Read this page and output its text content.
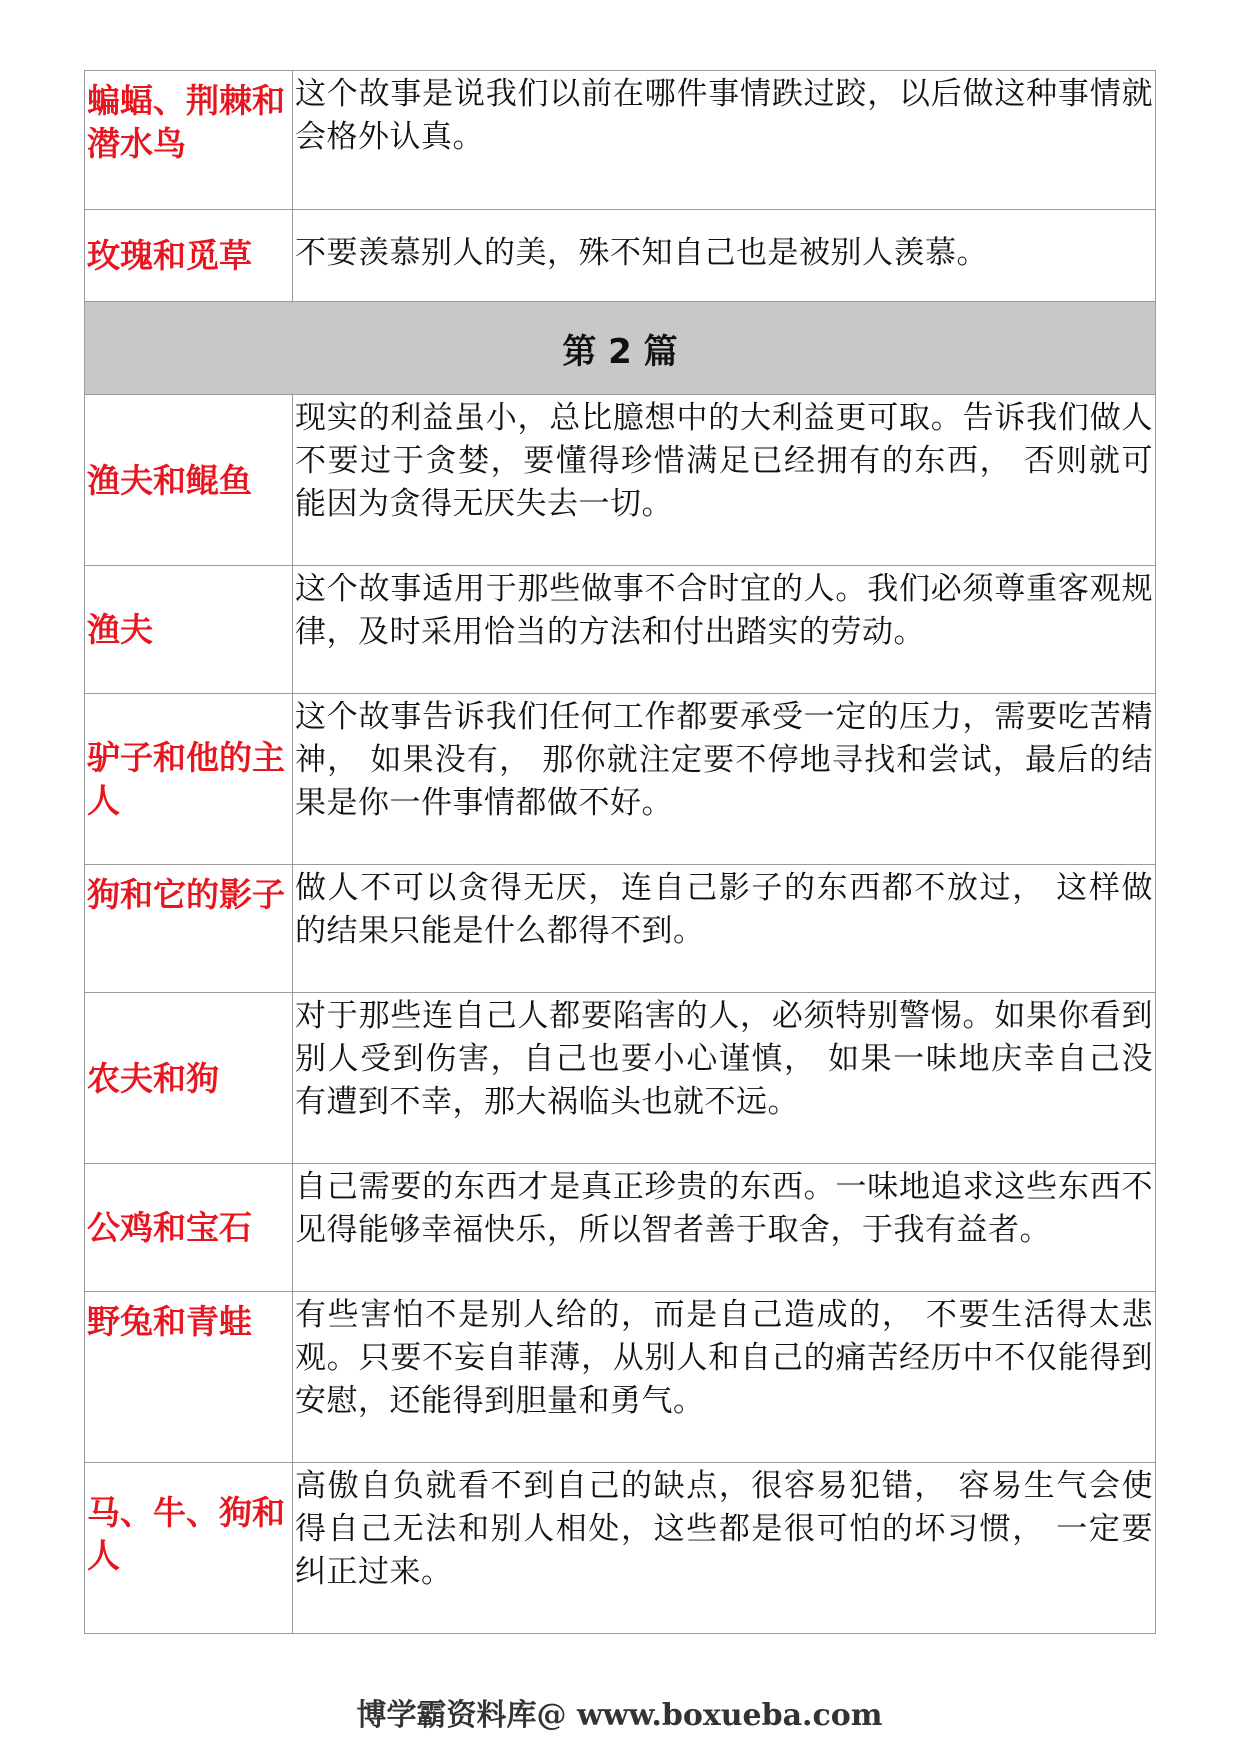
蝙蝠、荆棘和潜水鸟	这个故事是说我们以前在哪件事情跌过跤，以后做这种事情就会格外认真。
玫瑰和觅草	不要羡慕别人的美，殊不知自己也是被别人羡慕。
第 2 篇	
渔夫和鲲鱼	现实的利益虽小，总比臆想中的大利益更可取。告诉我们做人不要过于贪婪，要懂得珍惜满足已经拥有的东西， 否则就可能因为贪得无厌失去一切。
渔夫	这个故事适用于那些做事不合时宜的人。我们必须尊重客观规律，及时采用恰当的方法和付出踏实的劳动。
驴子和他的主人	这个故事告诉我们任何工作都要承受一定的压力，需要吃苦精神， 如果没有， 那你就注定要不停地寻找和尝试，最后的结果是你一件事情都做不好。
狗和它的影子	做人不可以贪得无厌，连自己影子的东西都不放过， 这样做的结果只能是什么都得不到。
农夫和狗	对于那些连自己人都要陷害的人，必须特别警惕。如果你看到别人受到伤害，自己也要小心谨慎， 如果一味地庆幸自己没有遭到不幸，那大祸临头也就不远。
公鸡和宝石	自己需要的东西才是真正珍贵的东西。一味地追求这些东西不见得能够幸福快乐，所以智者善于取舍，于我有益者。
野兔和青蛙	有些害怕不是别人给的，而是自己造成的， 不要生活得太悲观。只要不妄自菲薄，从别人和自己的痛苦经历中不仅能得到安慰，还能得到胆量和勇气。
马、牛、狗和人	高傲自负就看不到自己的缺点，很容易犯错， 容易生气会使得自己无法和别人相处，这些都是很可怕的坏习惯， 一定要纠正过来。
博学霸资料库@ www.boxueba.com
